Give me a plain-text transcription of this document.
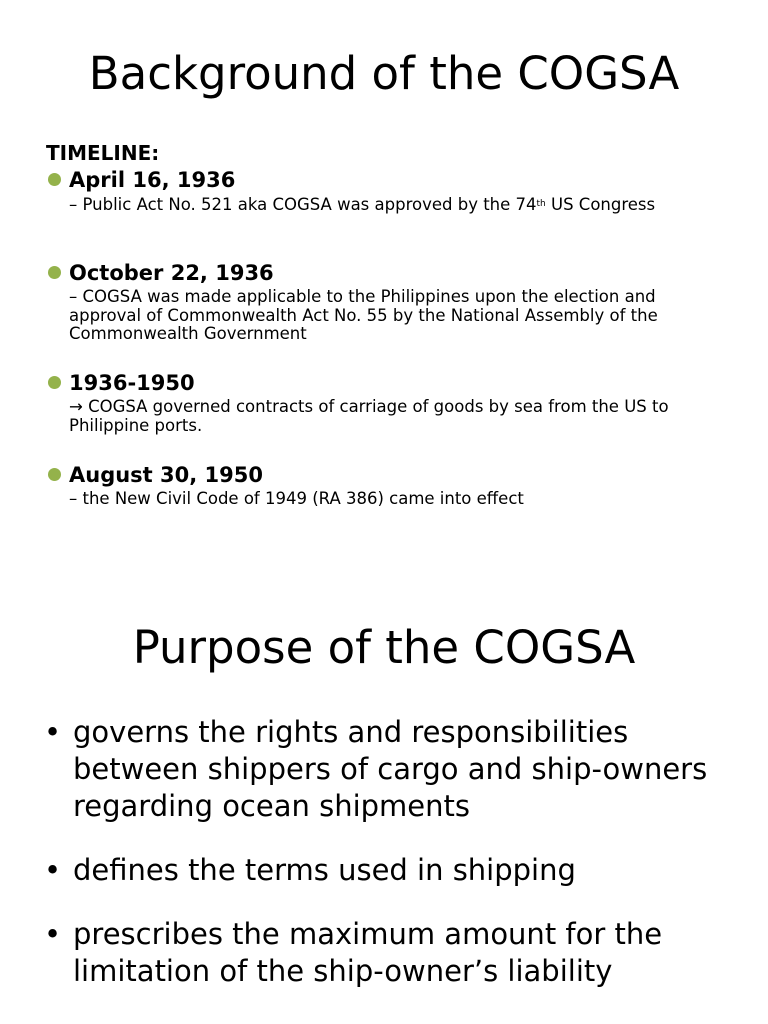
Background of the COGSA
TIMELINE:
April 16, 1936
– Public Act No. 521 aka COGSA was approved by the 74th US Congress
October 22, 1936
– COGSA was made applicable to the Philippines upon the election and approval of Commonwealth Act No. 55 by the National Assembly of the Commonwealth Government
1936-1950
→ COGSA governed contracts of carriage of goods by sea from the US to Philippine ports.
August 30, 1950
– the New Civil Code of 1949 (RA 386) came into effect
Purpose of the COGSA
• governs the rights and responsibilities between shippers of cargo and ship-owners regarding ocean shipments
• defines the terms used in shipping
• prescribes the maximum amount for the limitation of the ship-owner’s liability
